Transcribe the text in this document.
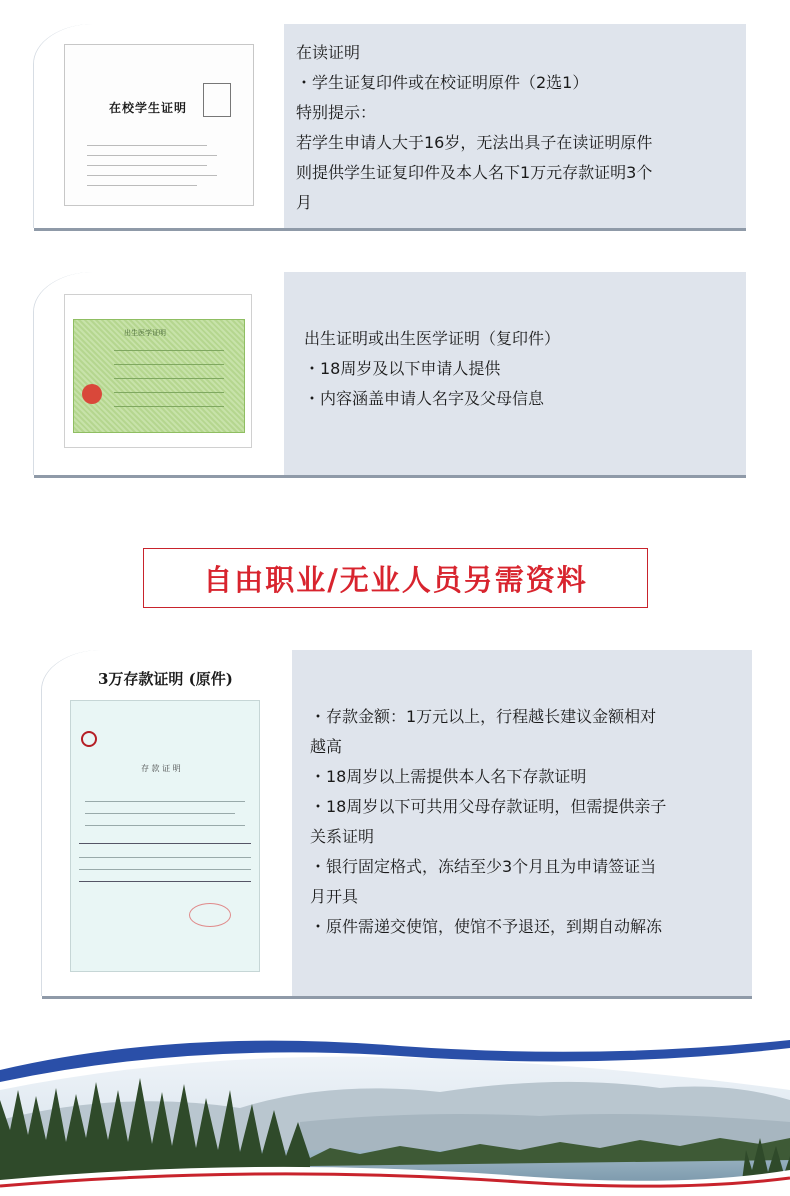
在校学生证明

在读证明

・学生证复印件或在校证明原件（2选1）

特别提示：

若学生申请人大于16岁，无法出具子在读证明原件

则提供学生证复印件及本人名下1万元存款证明3个

月

出生医学证明	出生证明或出生医学证明（复印件）

・18周岁及以下申请人提供

・内容涵盖申请人名字及父母信息

自由职业/无业人员另需资料
3万存款证明 (原件)
存 款 证 明

・存款金额：1万元以上，行程越长建议金额相对

越高

・18周岁以上需提供本人名下存款证明

・18周岁以下可共用父母存款证明，但需提供亲子

关系证明

・银行固定格式，冻结至少3个月且为申请签证当

月开具

・原件需递交使馆，使馆不予退还，到期自动解冻
